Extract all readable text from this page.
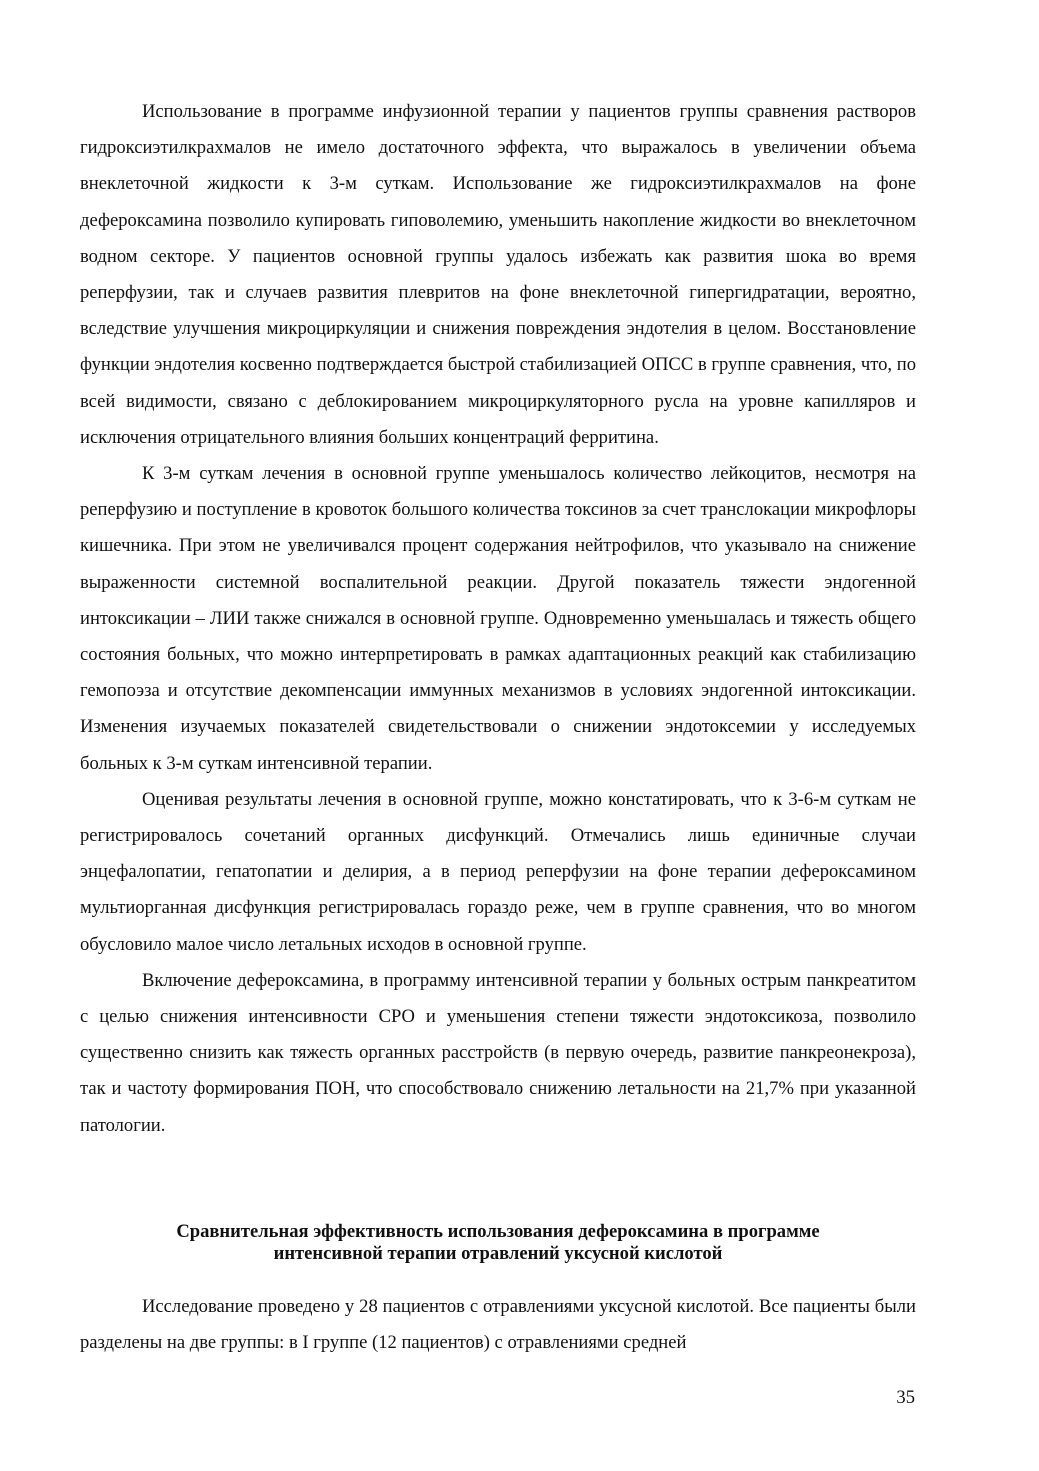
Использование в программе инфузионной терапии у пациентов группы сравнения растворов гидроксиэтилкрахмалов не имело достаточного эффекта, что выражалось в увеличении объема внеклеточной жидкости к 3-м суткам. Использование же гидроксиэтилкрахмалов на фоне дефероксамина позволило купировать гиповолемию, уменьшить накопление жидкости во внеклеточном водном секторе. У пациентов основной группы удалось избежать как развития шока во время реперфузии, так и случаев развития плевритов на фоне внеклеточной гипергидратации, вероятно, вследствие улучшения микроциркуляции и снижения повреждения эндотелия в целом. Восстановление функции эндотелия косвенно подтверждается быстрой стабилизацией ОПСС в группе сравнения, что, по всей видимости, связано с деблокированием микроциркуляторного русла на уровне капилляров и исключения отрицательного влияния больших концентраций ферритина.

К 3-м суткам лечения в основной группе уменьшалось количество лейкоцитов, несмотря на реперфузию и поступление в кровоток большого количества токсинов за счет транслокации микрофлоры кишечника. При этом не увеличивался процент содержания нейтрофилов, что указывало на снижение выраженности системной воспалительной реакции. Другой показатель тяжести эндогенной интоксикации – ЛИИ также снижался в основной группе. Одновременно уменьшалась и тяжесть общего состояния больных, что можно интерпретировать в рамках адаптационных реакций как стабилизацию гемопоэза и отсутствие декомпенсации иммунных механизмов в условиях эндогенной интоксикации. Изменения изучаемых показателей свидетельствовали о снижении эндотоксемии у исследуемых больных к 3-м суткам интенсивной терапии.

Оценивая результаты лечения в основной группе, можно констатировать, что к 3-6-м суткам не регистрировалось сочетаний органных дисфункций. Отмечались лишь единичные случаи энцефалопатии, гепатопатии и делирия, а в период реперфузии на фоне терапии дефероксамином мультиорганная дисфункция регистрировалась гораздо реже, чем в группе сравнения, что во многом обусловило малое число летальных исходов в основной группе.

Включение дефероксамина, в программу интенсивной терапии у больных острым панкреатитом с целью снижения интенсивности СРО и уменьшения степени тяжести эндотоксикоза, позволило существенно снизить как тяжесть органных расстройств (в первую очередь, развитие панкреонекроза), так и частоту формирования ПОН, что способствовало снижению летальности на 21,7% при указанной патологии.

Сравнительная эффективность использования дефероксамина в программе
интенсивной терапии отравлений уксусной кислотой

Исследование проведено у 28 пациентов с отравлениями уксусной кислотой. Все пациенты были разделены на две группы: в I группе (12 пациентов) с отравлениями средней

35
